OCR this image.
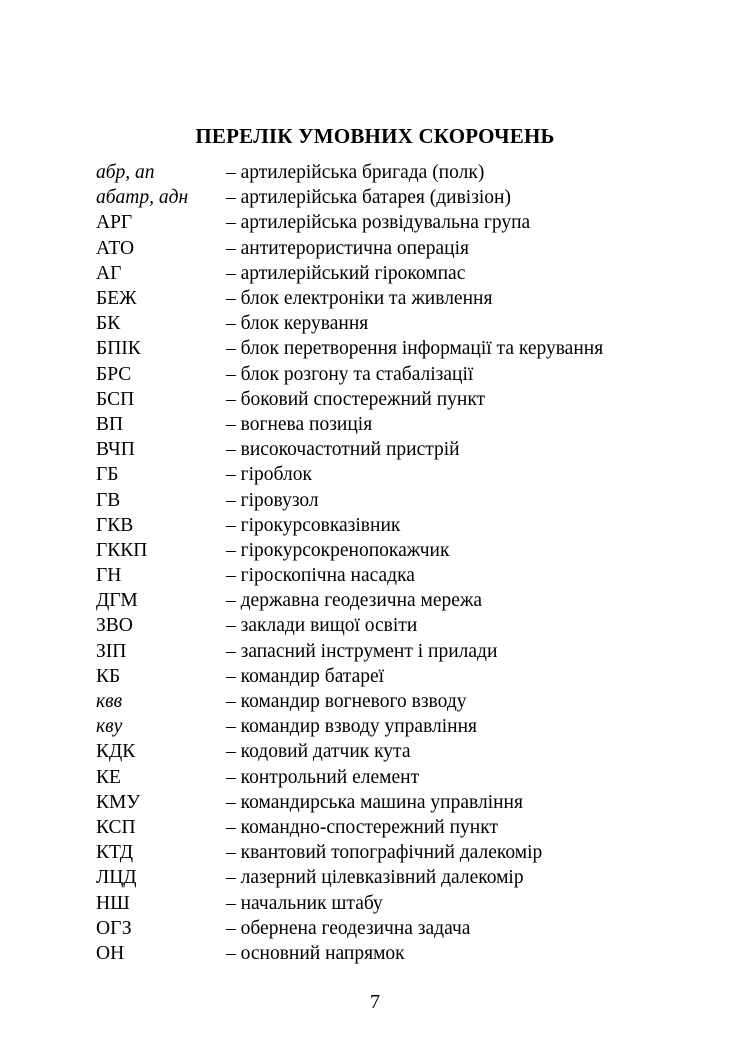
ПЕРЕЛІК УМОВНИХ СКОРОЧЕНЬ
абр, ап	– артилерійська бригада (полк)
абатр, адн	– артилерійська батарея (дивізіон)
АРГ	– артилерійська розвідувальна група
АТО	– антитерористична операція
АГ	– артилерійський гірокомпас
БЕЖ	– блок електроніки та живлення
БК	– блок керування
БПІК	– блок перетворення інформації та керування
БРС	– блок розгону та стабалізації
БСП	– боковий спостережний пункт
ВП	– вогнева позиція
ВЧП	– високочастотний пристрій
ГБ	– гіроблок
ГВ	– гіровузол
ГКВ	– гірокурсовказівник
ГККП	– гірокурсокренопокажчик
ГН	– гіроскопічна насадка
ДГМ	– державна геодезична мережа
ЗВО	– заклади вищої освіти
ЗІП	– запасний інструмент і прилади
КБ	– командир батареї
квв	– командир вогневого взводу
кву	– командир взводу управління
КДК	– кодовий датчик кута
КЕ	– контрольний елемент
КМУ	– командирська машина управління
КСП	– командно-спостережний пункт
КТД	– квантовий топографічний далекомір
ЛЦД	– лазерний цілевказівний далекомір
НШ	– начальник штабу
ОГЗ	– обернена геодезична задача
ОН	– основний напрямок
7
